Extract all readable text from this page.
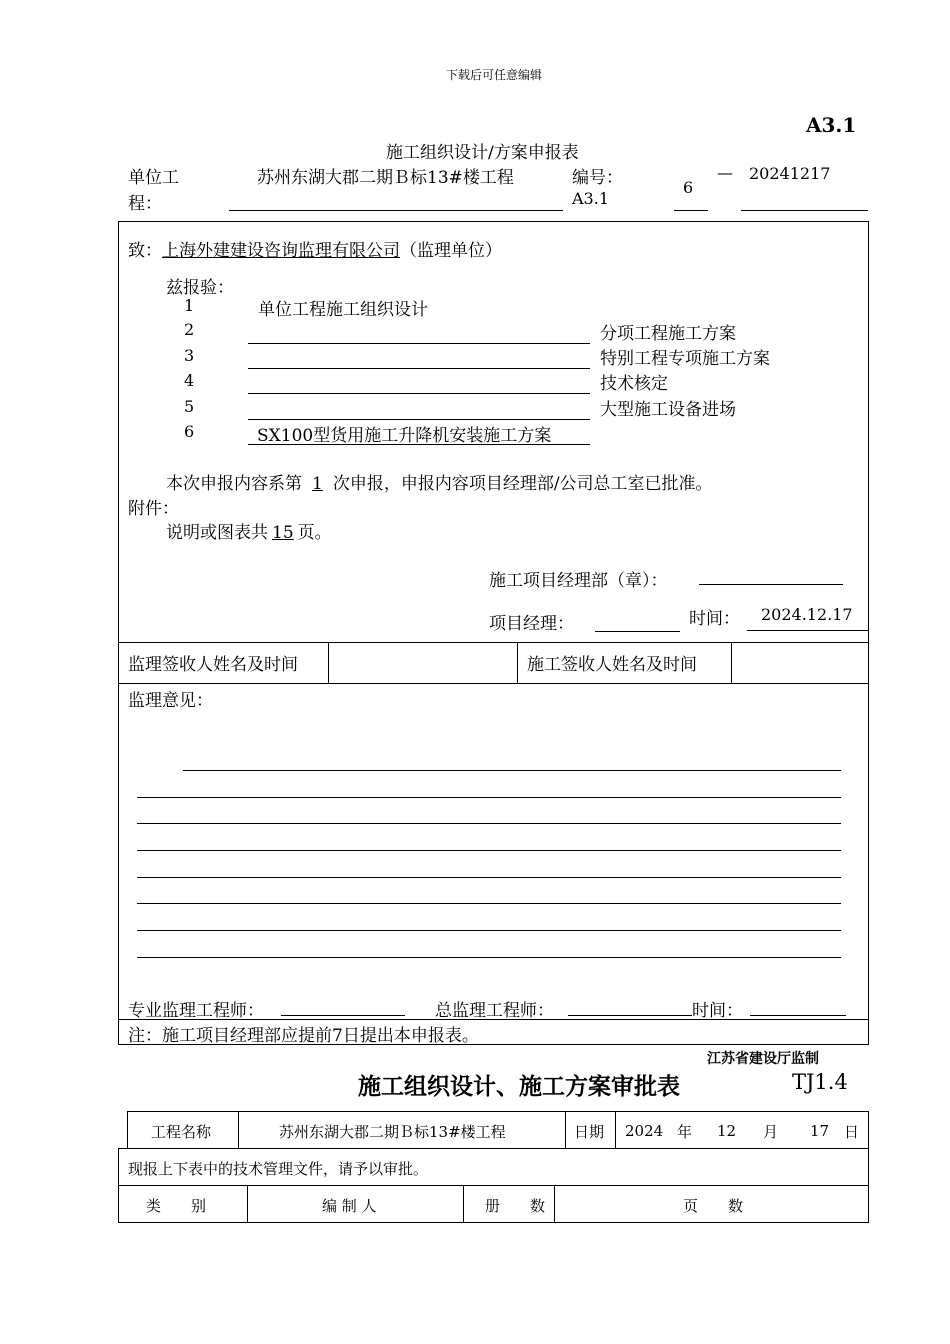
下载后可任意编辑
A3.1
施工组织设计/方案申报表
单位工
程：
苏州东湖大郡二期Ｂ标13#楼工程	编号：
A3.1
6
— 20241217
致：上海外建建设咨询监理有限公司（监理单位）
兹报验：
1	单位工程施工组织设计
2	分项工程施工方案
3	特别工程专项施工方案
4	技术核定
5	大型施工设备进场
6	SX100型货用施工升降机安装施工方案
本次申报内容系第 1 次申报，申报内容项目经理部/公司总工室已批准。
附件：
说明或图表共 15 页。
施工项目经理部（章）：
项目经理：	时间： 2024.12.17
监理签收人姓名及时间	施工签收人姓名及时间
监理意见：
专业监理工程师：	总监理工程师：	时间：
注：施工项目经理部应提前7日提出本申报表。
江苏省建设厅监制
施工组织设计、施工方案审批表	TJ1.4
工程名称	苏州东湖大郡二期Ｂ标13#楼工程	日期 2024 年 12 月 17 日
现报上下表中的技术管理文件，请予以审批。
类　　别	编 制 人	册　　数	页　　数
